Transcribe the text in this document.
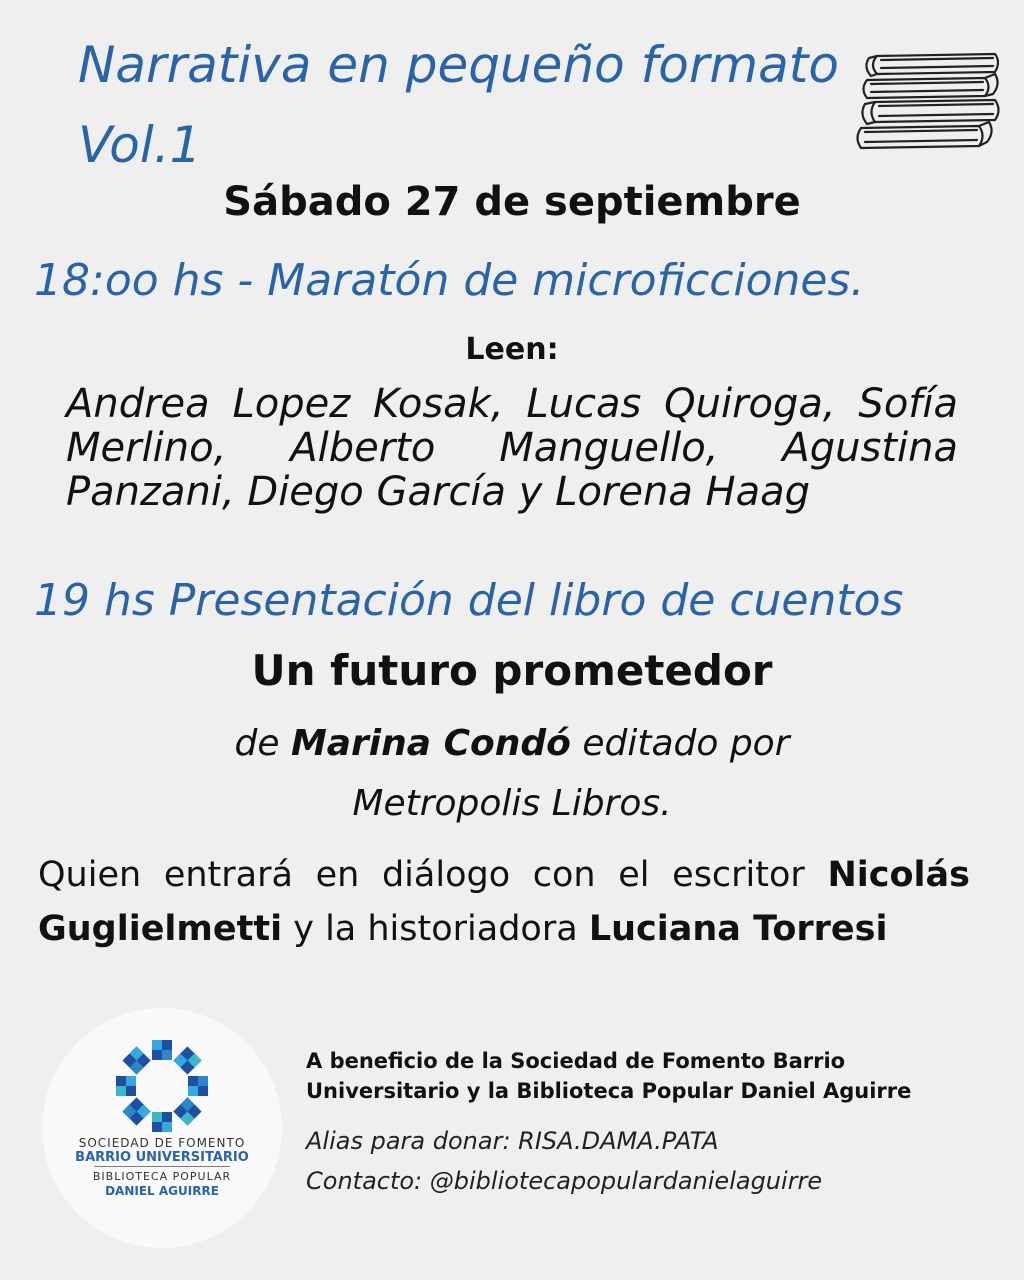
Narrativa en pequeño formato
Vol.1
Sábado 27 de septiembre
18:oo hs - Maratón de microficciones.
Leen:
Andrea Lopez Kosak, Lucas Quiroga, Sofía Merlino, Alberto Manguello, Agustina Panzani, Diego García y Lorena Haag
19 hs Presentación del libro de cuentos
Un futuro prometedor
de Marina Condó editado por
Metropolis Libros.
Quien entrará en diálogo con el escritor Nicolás Guglielmetti y la historiadora Luciana Torresi
SOCIEDAD DE FOMENTO
BARRIO UNIVERSITARIO
BIBLIOTECA POPULAR
DANIEL AGUIRRE
A beneficio de la Sociedad de Fomento Barrio Universitario y la Biblioteca Popular Daniel Aguirre
Alias para donar: RISA.DAMA.PATA
Contacto: @bibliotecapopulardanielaguirre
